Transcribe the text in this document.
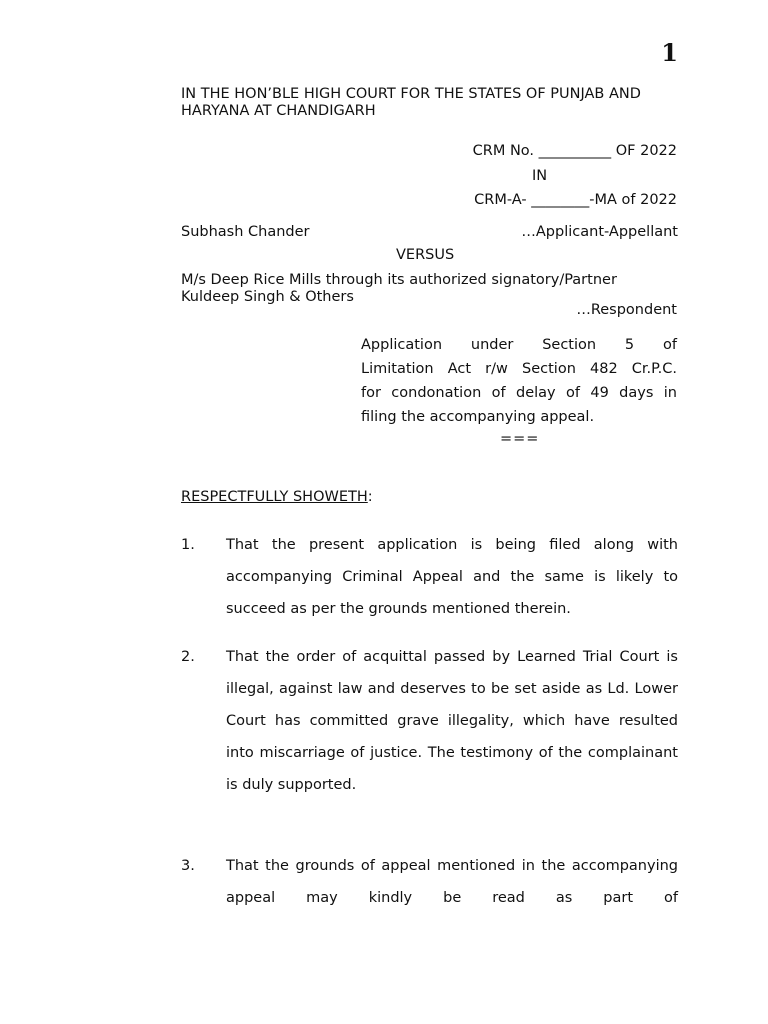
1
IN THE HON’BLE HIGH COURT FOR THE STATES OF PUNJAB AND HARYANA AT CHANDIGARH
CRM No. __________ OF 2022
IN
CRM-A- ________-MA of 2022
Subhash Chander	…Applicant-Appellant
VERSUS
M/s Deep Rice Mills through its authorized signatory/Partner Kuldeep Singh & Others
…Respondent
Application under Section 5 of
Limitation Act r/w Section 482 Cr.P.C.
for condonation of delay of 49 days in
filing the accompanying appeal.
===
RESPECTFULLY SHOWETH:
1.	That the present application is being filed along with accompanying Criminal Appeal and the same is likely to succeed as per the grounds mentioned therein.
2.	That the order of acquittal passed by Learned Trial Court is illegal, against law and deserves to be set aside as Ld. Lower Court has committed grave illegality, which have resulted into miscarriage of justice. The testimony of the complainant is duly supported.
3.	That the grounds of appeal mentioned in the accompanying appeal may kindly be read as part of
